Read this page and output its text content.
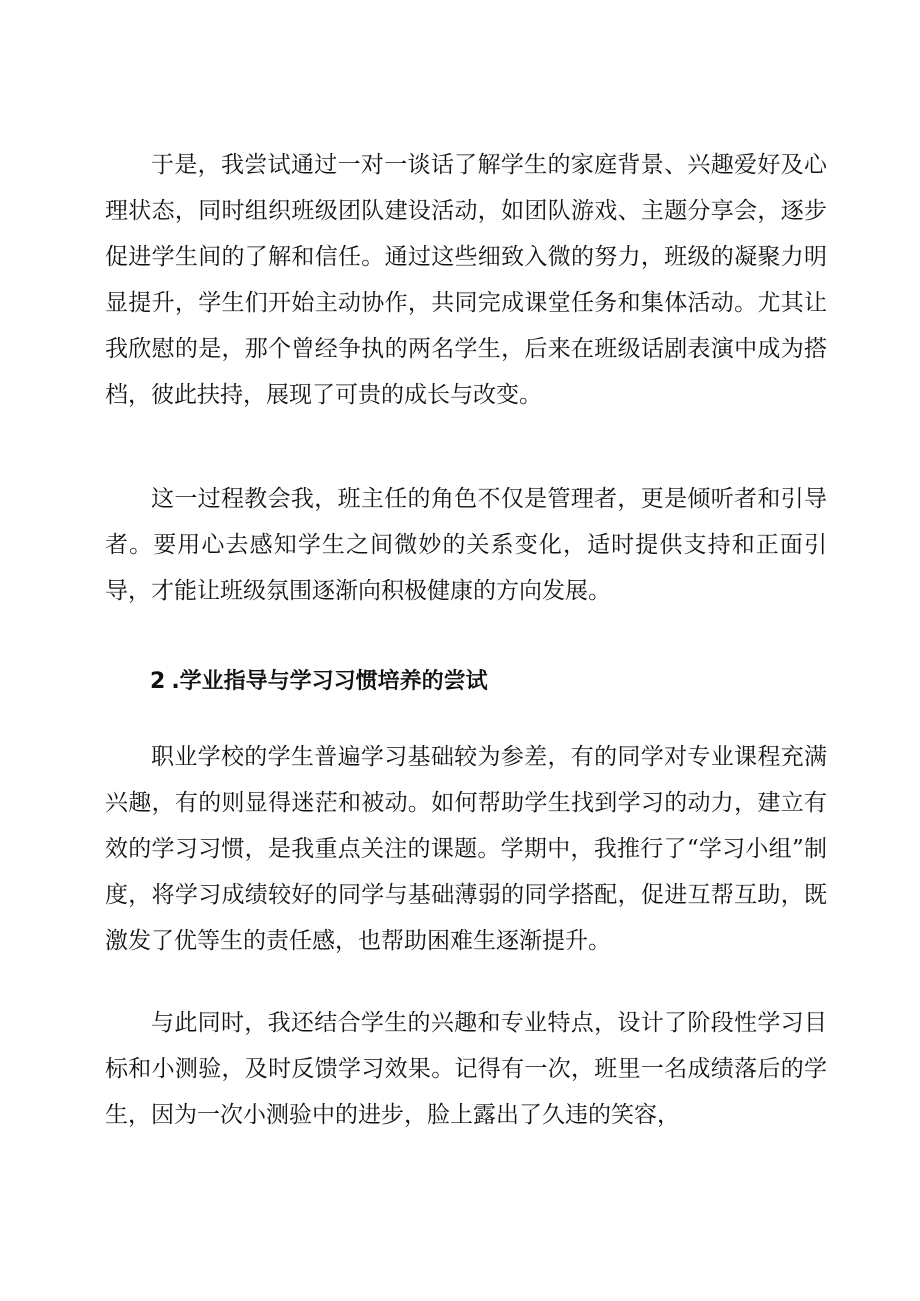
于是，我尝试通过一对一谈话了解学生的家庭背景、兴趣爱好及心理状态，同时组织班级团队建设活动，如团队游戏、主题分享会，逐步促进学生间的了解和信任。通过这些细致入微的努力，班级的凝聚力明显提升，学生们开始主动协作，共同完成课堂任务和集体活动。尤其让我欣慰的是，那个曾经争执的两名学生，后来在班级话剧表演中成为搭档，彼此扶持，展现了可贵的成长与改变。

这一过程教会我，班主任的角色不仅是管理者，更是倾听者和引导者。要用心去感知学生之间微妙的关系变化，适时提供支持和正面引导，才能让班级氛围逐渐向积极健康的方向发展。

2 .学业指导与学习习惯培养的尝试

职业学校的学生普遍学习基础较为参差，有的同学对专业课程充满兴趣，有的则显得迷茫和被动。如何帮助学生找到学习的动力，建立有效的学习习惯，是我重点关注的课题。学期中，我推行了“学习小组”制度，将学习成绩较好的同学与基础薄弱的同学搭配，促进互帮互助，既激发了优等生的责任感，也帮助困难生逐渐提升。

与此同时，我还结合学生的兴趣和专业特点，设计了阶段性学习目标和小测验，及时反馈学习效果。记得有一次，班里一名成绩落后的学生，因为一次小测验中的进步，脸上露出了久违的笑容，
